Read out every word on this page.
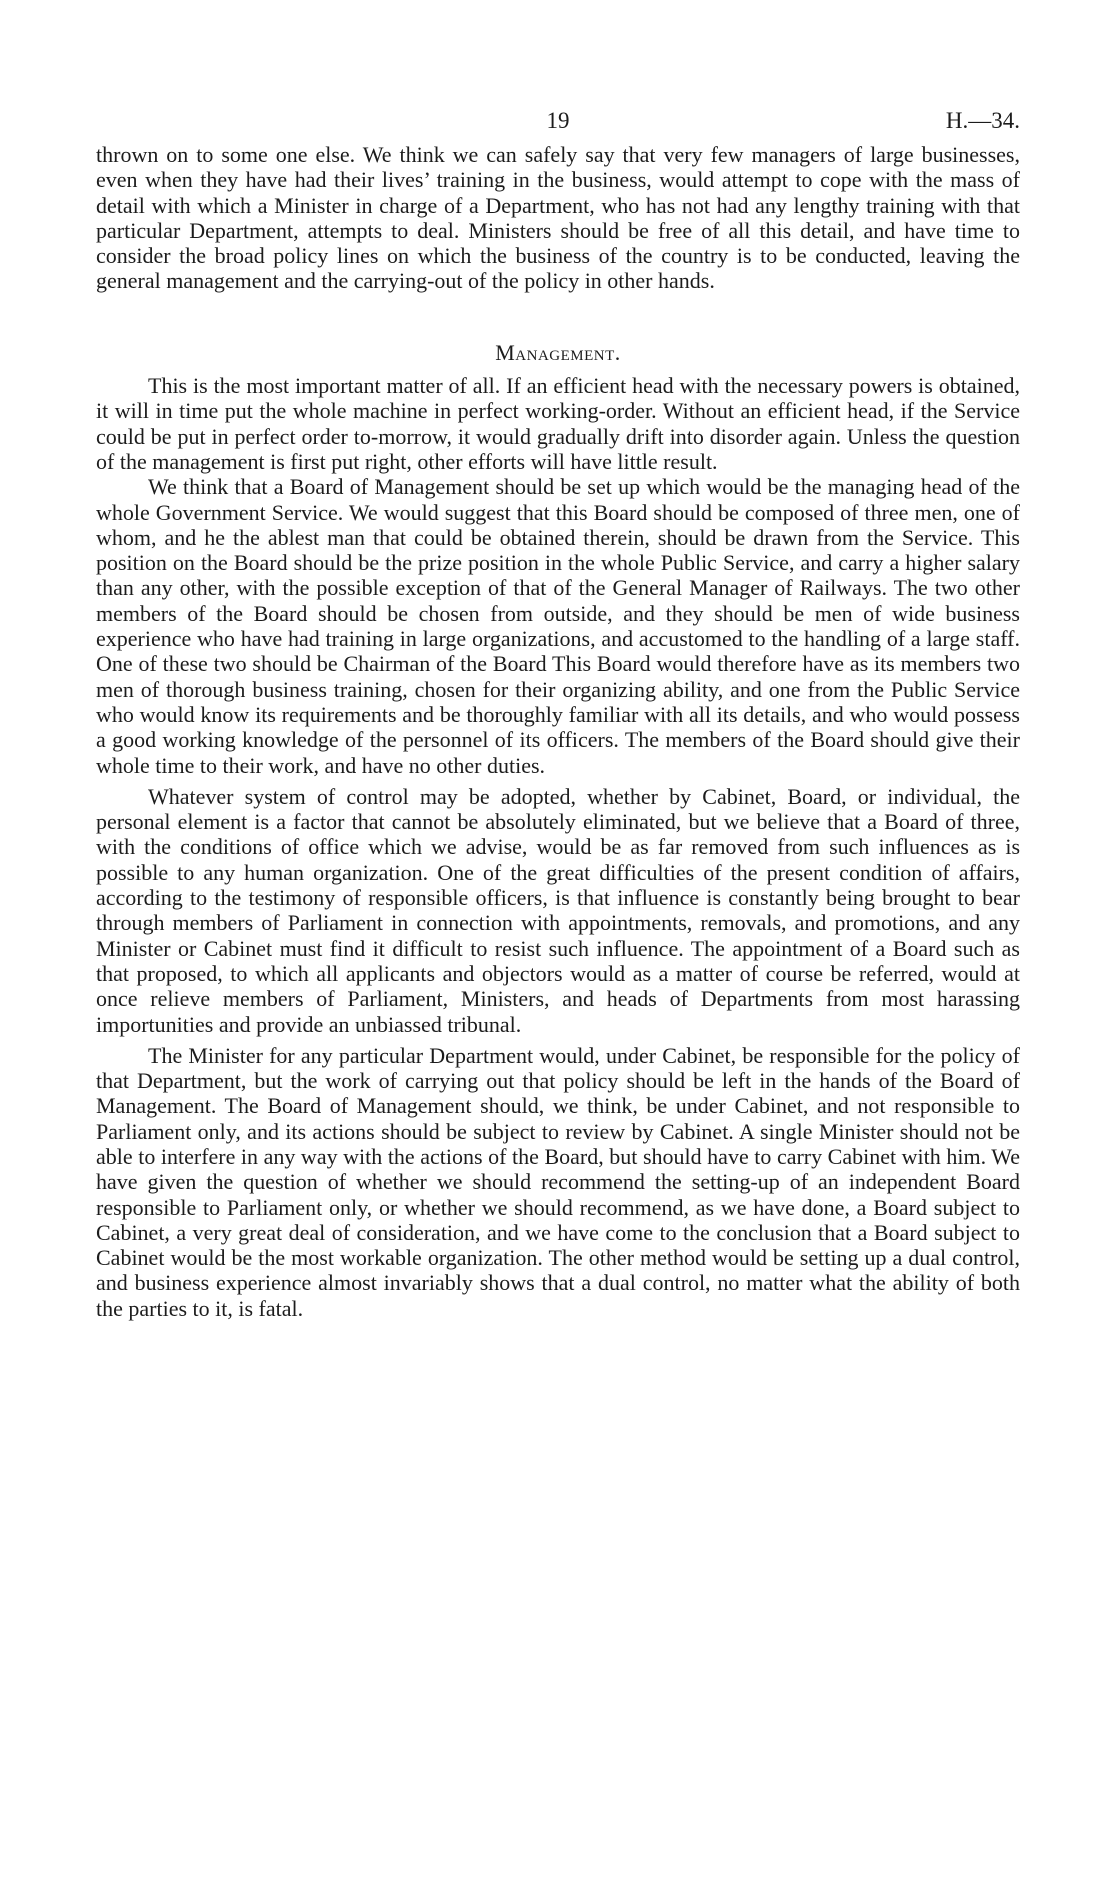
19	H.—34.

thrown on to some one else. We think we can safely say that very few managers of large businesses, even when they have had their lives’ training in the business, would attempt to cope with the mass of detail with which a Minister in charge of a Department, who has not had any lengthy training with that particular Department, attempts to deal. Ministers should be free of all this detail, and have time to consider the broad policy lines on which the business of the country is to be conducted, leaving the general management and the carrying-out of the policy in other hands.

Management.

This is the most important matter of all. If an efficient head with the necessary powers is obtained, it will in time put the whole machine in perfect working-order. Without an efficient head, if the Service could be put in perfect order to-morrow, it would gradually drift into disorder again. Unless the question of the management is first put right, other efforts will have little result.

We think that a Board of Management should be set up which would be the managing head of the whole Government Service. We would suggest that this Board should be composed of three men, one of whom, and he the ablest man that could be obtained therein, should be drawn from the Service. This position on the Board should be the prize position in the whole Public Service, and carry a higher salary than any other, with the possible exception of that of the General Manager of Railways. The two other members of the Board should be chosen from outside, and they should be men of wide business experience who have had training in large organizations, and accustomed to the handling of a large staff. One of these two should be Chairman of the Board This Board would therefore have as its members two men of thorough business training, chosen for their organizing ability, and one from the Public Service who would know its requirements and be thoroughly familiar with all its details, and who would possess a good working knowledge of the personnel of its officers. The members of the Board should give their whole time to their work, and have no other duties.

Whatever system of control may be adopted, whether by Cabinet, Board, or individual, the personal element is a factor that cannot be absolutely eliminated, but we believe that a Board of three, with the conditions of office which we advise, would be as far removed from such influences as is possible to any human organization. One of the great difficulties of the present condition of affairs, according to the testimony of responsible officers, is that influence is constantly being brought to bear through members of Parliament in connection with appointments, removals, and promotions, and any Minister or Cabinet must find it difficult to resist such influence. The appointment of a Board such as that proposed, to which all applicants and objectors would as a matter of course be referred, would at once relieve members of Parliament, Ministers, and heads of Departments from most harassing importunities and provide an unbiassed tribunal.

The Minister for any particular Department would, under Cabinet, be responsible for the policy of that Department, but the work of carrying out that policy should be left in the hands of the Board of Management. The Board of Management should, we think, be under Cabinet, and not responsible to Parliament only, and its actions should be subject to review by Cabinet. A single Minister should not be able to interfere in any way with the actions of the Board, but should have to carry Cabinet with him. We have given the question of whether we should recommend the setting-up of an independent Board responsible to Parliament only, or whether we should recommend, as we have done, a Board subject to Cabinet, a very great deal of consideration, and we have come to the conclusion that a Board subject to Cabinet would be the most workable organization. The other method would be setting up a dual control, and business experience almost invariably shows that a dual control, no matter what the ability of both the parties to it, is fatal.
